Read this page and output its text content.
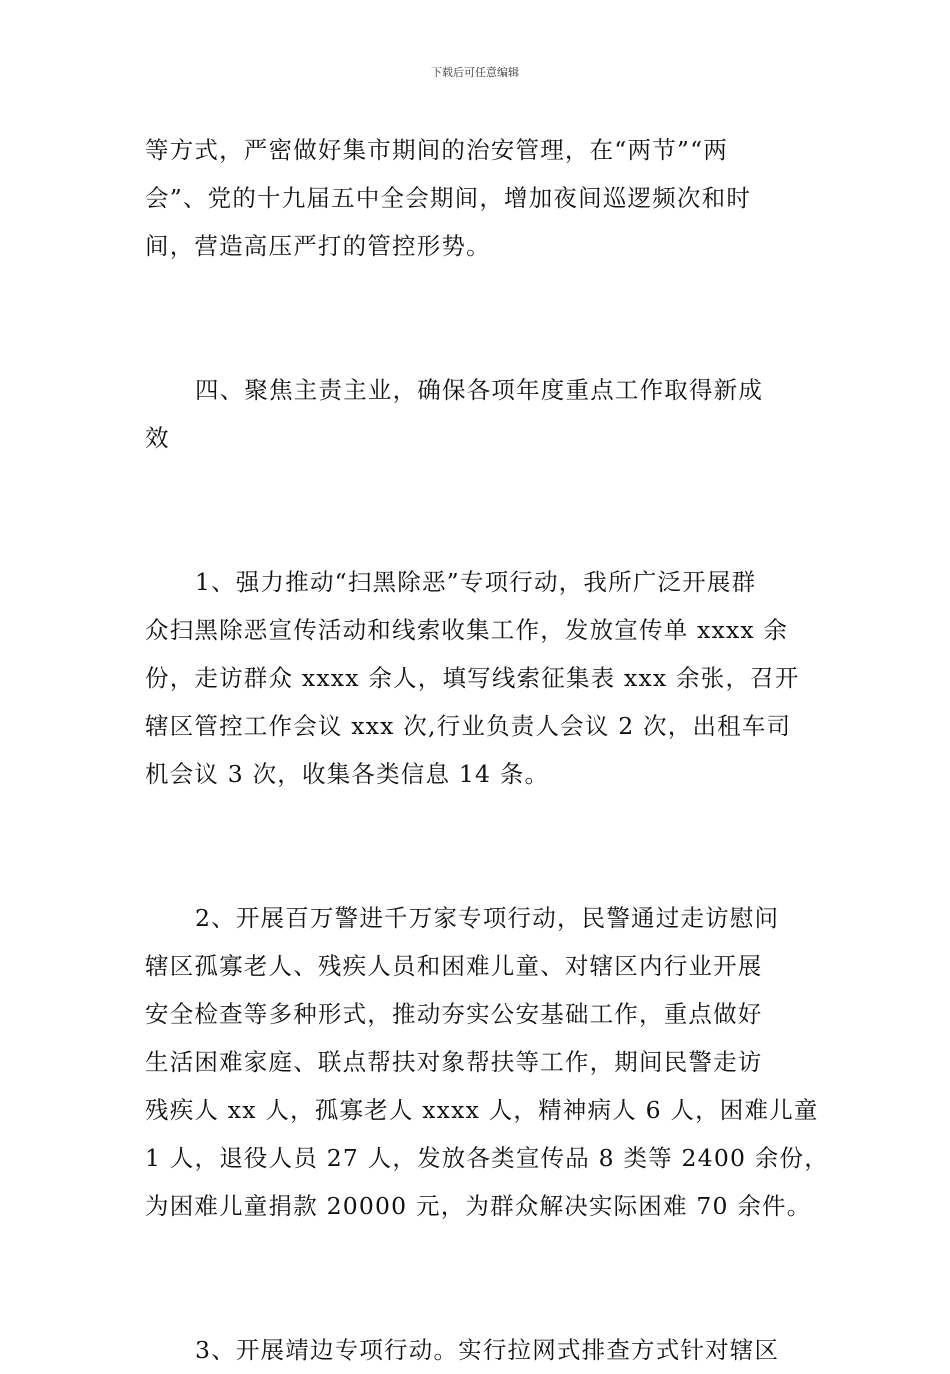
下载后可任意编辑
等方式，严密做好集市期间的治安管理，在“两节”“两
会”、党的十九届五中全会期间，增加夜间巡逻频次和时
间，营造高压严打的管控形势。
四、聚焦主责主业，确保各项年度重点工作取得新成
效
1、强力推动“扫黑除恶”专项行动，我所广泛开展群
众扫黑除恶宣传活动和线索收集工作，发放宣传单 xxxx 余
份，走访群众 xxxx 余人，填写线索征集表 xxx 余张，召开
辖区管控工作会议 xxx 次,行业负责人会议 2 次，出租车司
机会议 3 次，收集各类信息 14 条。
2、开展百万警进千万家专项行动，民警通过走访慰问
辖区孤寡老人、残疾人员和困难儿童、对辖区内行业开展
安全检查等多种形式，推动夯实公安基础工作，重点做好
生活困难家庭、联点帮扶对象帮扶等工作，期间民警走访
残疾人 xx 人，孤寡老人 xxxx 人，精神病人 6 人，困难儿童
1 人，退役人员 27 人，发放各类宣传品 8 类等 2400 余份，
为困难儿童捐款 20000 元，为群众解决实际困难 70 余件。
3、开展靖边专项行动。实行拉网式排查方式针对辖区
